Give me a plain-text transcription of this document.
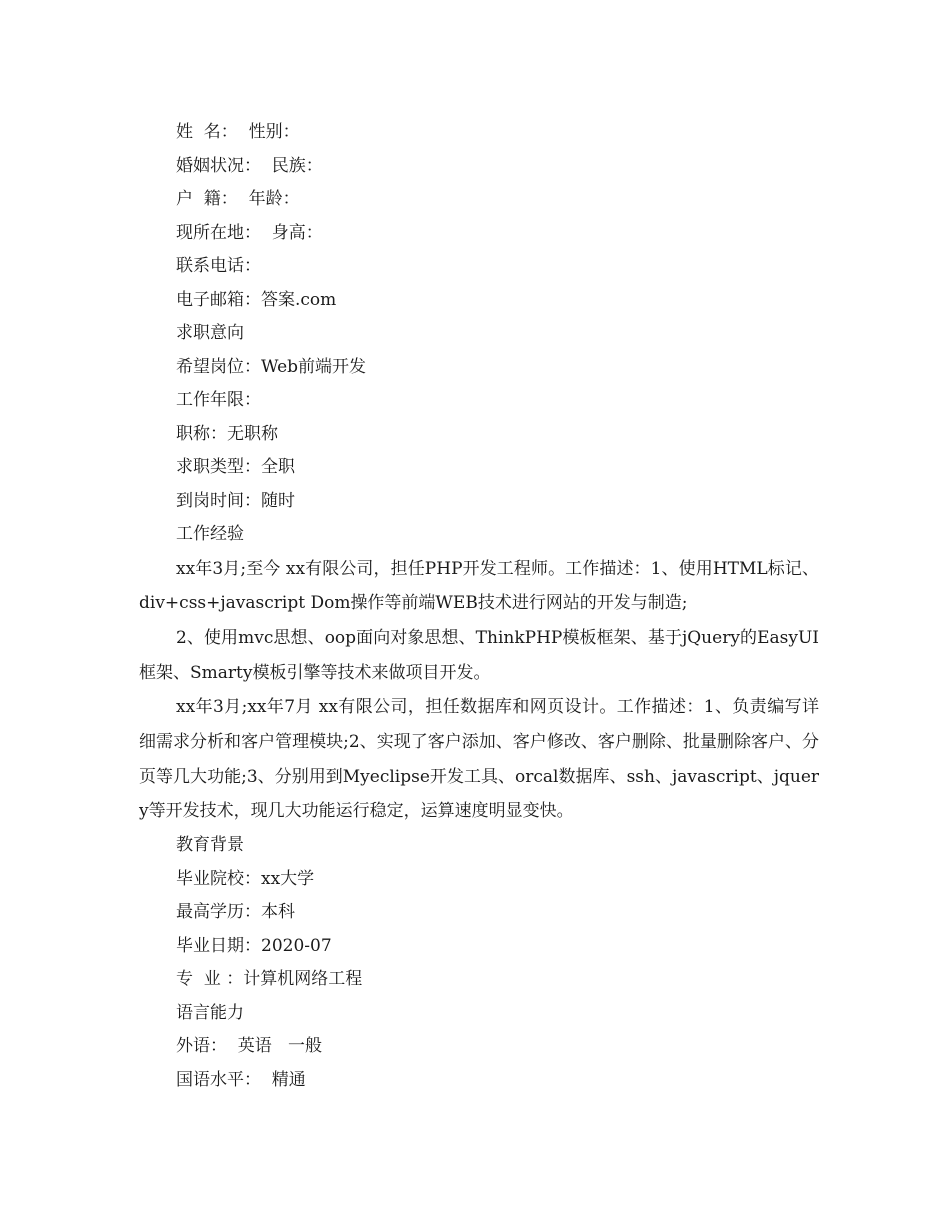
姓  名：  性别：
婚姻状况：  民族：
户  籍：  年龄：
现所在地：  身高：
联系电话：
电子邮箱：答案.com
求职意向
希望岗位：Web前端开发
工作年限：
职称：无职称
求职类型：全职
到岗时间：随时
工作经验

xx年3月;至今 xx有限公司，担任PHP开发工程师。工作描述：1、使用HTML标记、div+css+javascript Dom操作等前端WEB技术进行网站的开发与制造;

2、使用mvc思想、oop面向对象思想、ThinkPHP模板框架、基于jQuery的EasyUI框架、Smarty模板引擎等技术来做项目开发。

xx年3月;xx年7月 xx有限公司，担任数据库和网页设计。工作描述：1、负责编写详细需求分析和客户管理模块;2、实现了客户添加、客户修改、客户删除、批量删除客户、分页等几大功能;3、分别用到Myeclipse开发工具、orcal数据库、ssh、javascript、jquery等开发技术，现几大功能运行稳定，运算速度明显变快。

教育背景
毕业院校：xx大学
最高学历：本科
毕业日期：2020-07
专  业 ：计算机网络工程
语言能力
外语：  英语   一般
国语水平：  精通
